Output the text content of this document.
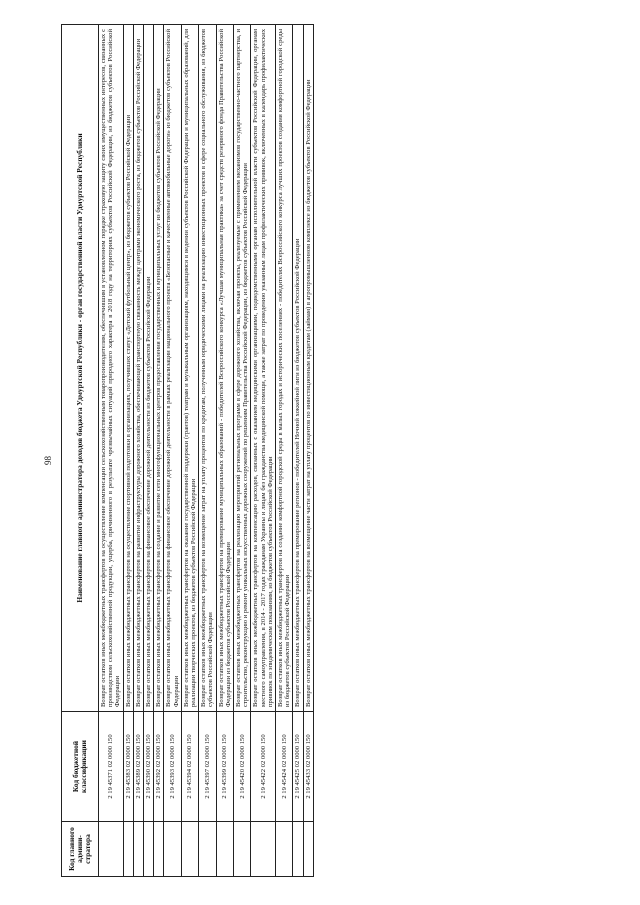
98
Код главного админи-стратора	Код бюджетной классификации	Наименование главного администратора доходов бюджета Удмуртской Республики - орган государственной власти Удмуртской Республики
	2 19 45371 02 0000 150	Возврат остатков иных межбюджетных трансфертов на осуществление компенсации сельскохозяйственным товаропроизводителям, обеспечившим в установленном порядке страховую защиту своих имущественных интересов, связанных с производством сельскохозяйственной продукции, ущерба, причиненного в результате чрезвычайных ситуаций природного характера в 2018 году на территориях субъектов Российской Федерации, из бюджетов субъектов Российской Федерации
	2 19 45383 02 0000 150	Возврат остатков иных межбюджетных трансфертов на осуществление спортивной подготовки в организациях, получивших статус «Детский футбольный центр», из бюджетов субъектов Российской Федерации
	2 19 45389 02 0000 150	Возврат остатков иных межбюджетных трансфертов на развитие инфраструктуры дорожного хозяйства, обеспечивающей транспортную связанность между центрами экономического роста, из бюджетов субъектов Российской Федерации
	2 19 45390 02 0000 150	Возврат остатков иных межбюджетных трансфертов на финансовое обеспечение дорожной деятельности из бюджетов субъектов Российской Федерации
	2 19 45392 02 0000 150	Возврат остатков иных межбюджетных трансфертов на создание и развитие сети многофункциональных центров предоставления государственных и муниципальных услуг из бюджетов субъектов Российской Федерации
	2 19 45393 02 0000 150	Возврат остатков иных межбюджетных трансфертов на финансовое обеспечение дорожной деятельности в рамках реализации национального проекта «Безопасные и качественные автомобильные дороги» из бюджетов субъектов Российской Федерации
	2 19 45394 02 0000 150	Возврат остатков иных межбюджетных трансфертов на оказание государственной поддержки (грантов) театрам и музыкальным организациям, находящимся в ведении субъектов Российской Федерации и муниципальных образований, для реализации творческих проектов, из бюджетов субъектов Российской Федерации
	2 19 45397 02 0000 150	Возврат остатков иных межбюджетных трансфертов на возмещение затрат на уплату процентов по кредитам, полученным юридическими лицами на реализацию инвестиционных проектов в сфере социального обслуживания, из бюджетов субъектов Российской Федерации
	2 19 45399 02 0000 150	Возврат остатков иных межбюджетных трансфертов на премирование муниципальных образований - победителей Всероссийского конкурса «Лучшая муниципальная практика» за счет средств резервного фонда Правительства Российской Федерации из бюджетов субъектов Российской Федерации
	2 19 45420 02 0000 150	Возврат остатков иных межбюджетных трансфертов на реализацию мероприятий региональных программ в сфере дорожного хозяйства, включая проекты, реализуемые с применением механизмов государственно-частного партнерства, и строительство, реконструкцию и ремонт уникальных искусственных дорожных сооружений по решениям Правительства Российской Федерации, из бюджетов субъектов Российской Федерации
	2 19 45422 02 0000 150	Возврат остатков иных межбюджетных трансфертов на компенсацию расходов, связанных с оказанием медицинскими организациями, подведомственными органам исполнительной власти субъектов Российской Федерации, органам местного самоуправления, в 2014 - 2017 годах гражданам Украины и лицам без гражданства медицинской помощи, а также затрат по проведению указанным лицам профилактических прививок, включенных в календарь профилактических прививок по эпидемическим показаниям, из бюджетов субъектов Российской Федерации
	2 19 45424 02 0000 150	Возврат остатков иных межбюджетных трансфертов на создание комфортной городской среды в малых городах и исторических поселениях - победителях Всероссийского конкурса лучших проектов создания комфортной городской среды из бюджетов субъектов Российской Федерации
	2 19 45425 02 0000 150	Возврат остатков иных межбюджетных трансфертов на премирование регионов - победителей Ночной хоккейной лиги из бюджетов субъектов Российской Федерации
	2 19 45433 02 0000 150	Возврат остатков иных межбюджетных трансфертов на возмещение части затрат на уплату процентов по инвестиционным кредитам (займам) в агропромышленном комплексе из бюджетов субъектов Российской Федерации
